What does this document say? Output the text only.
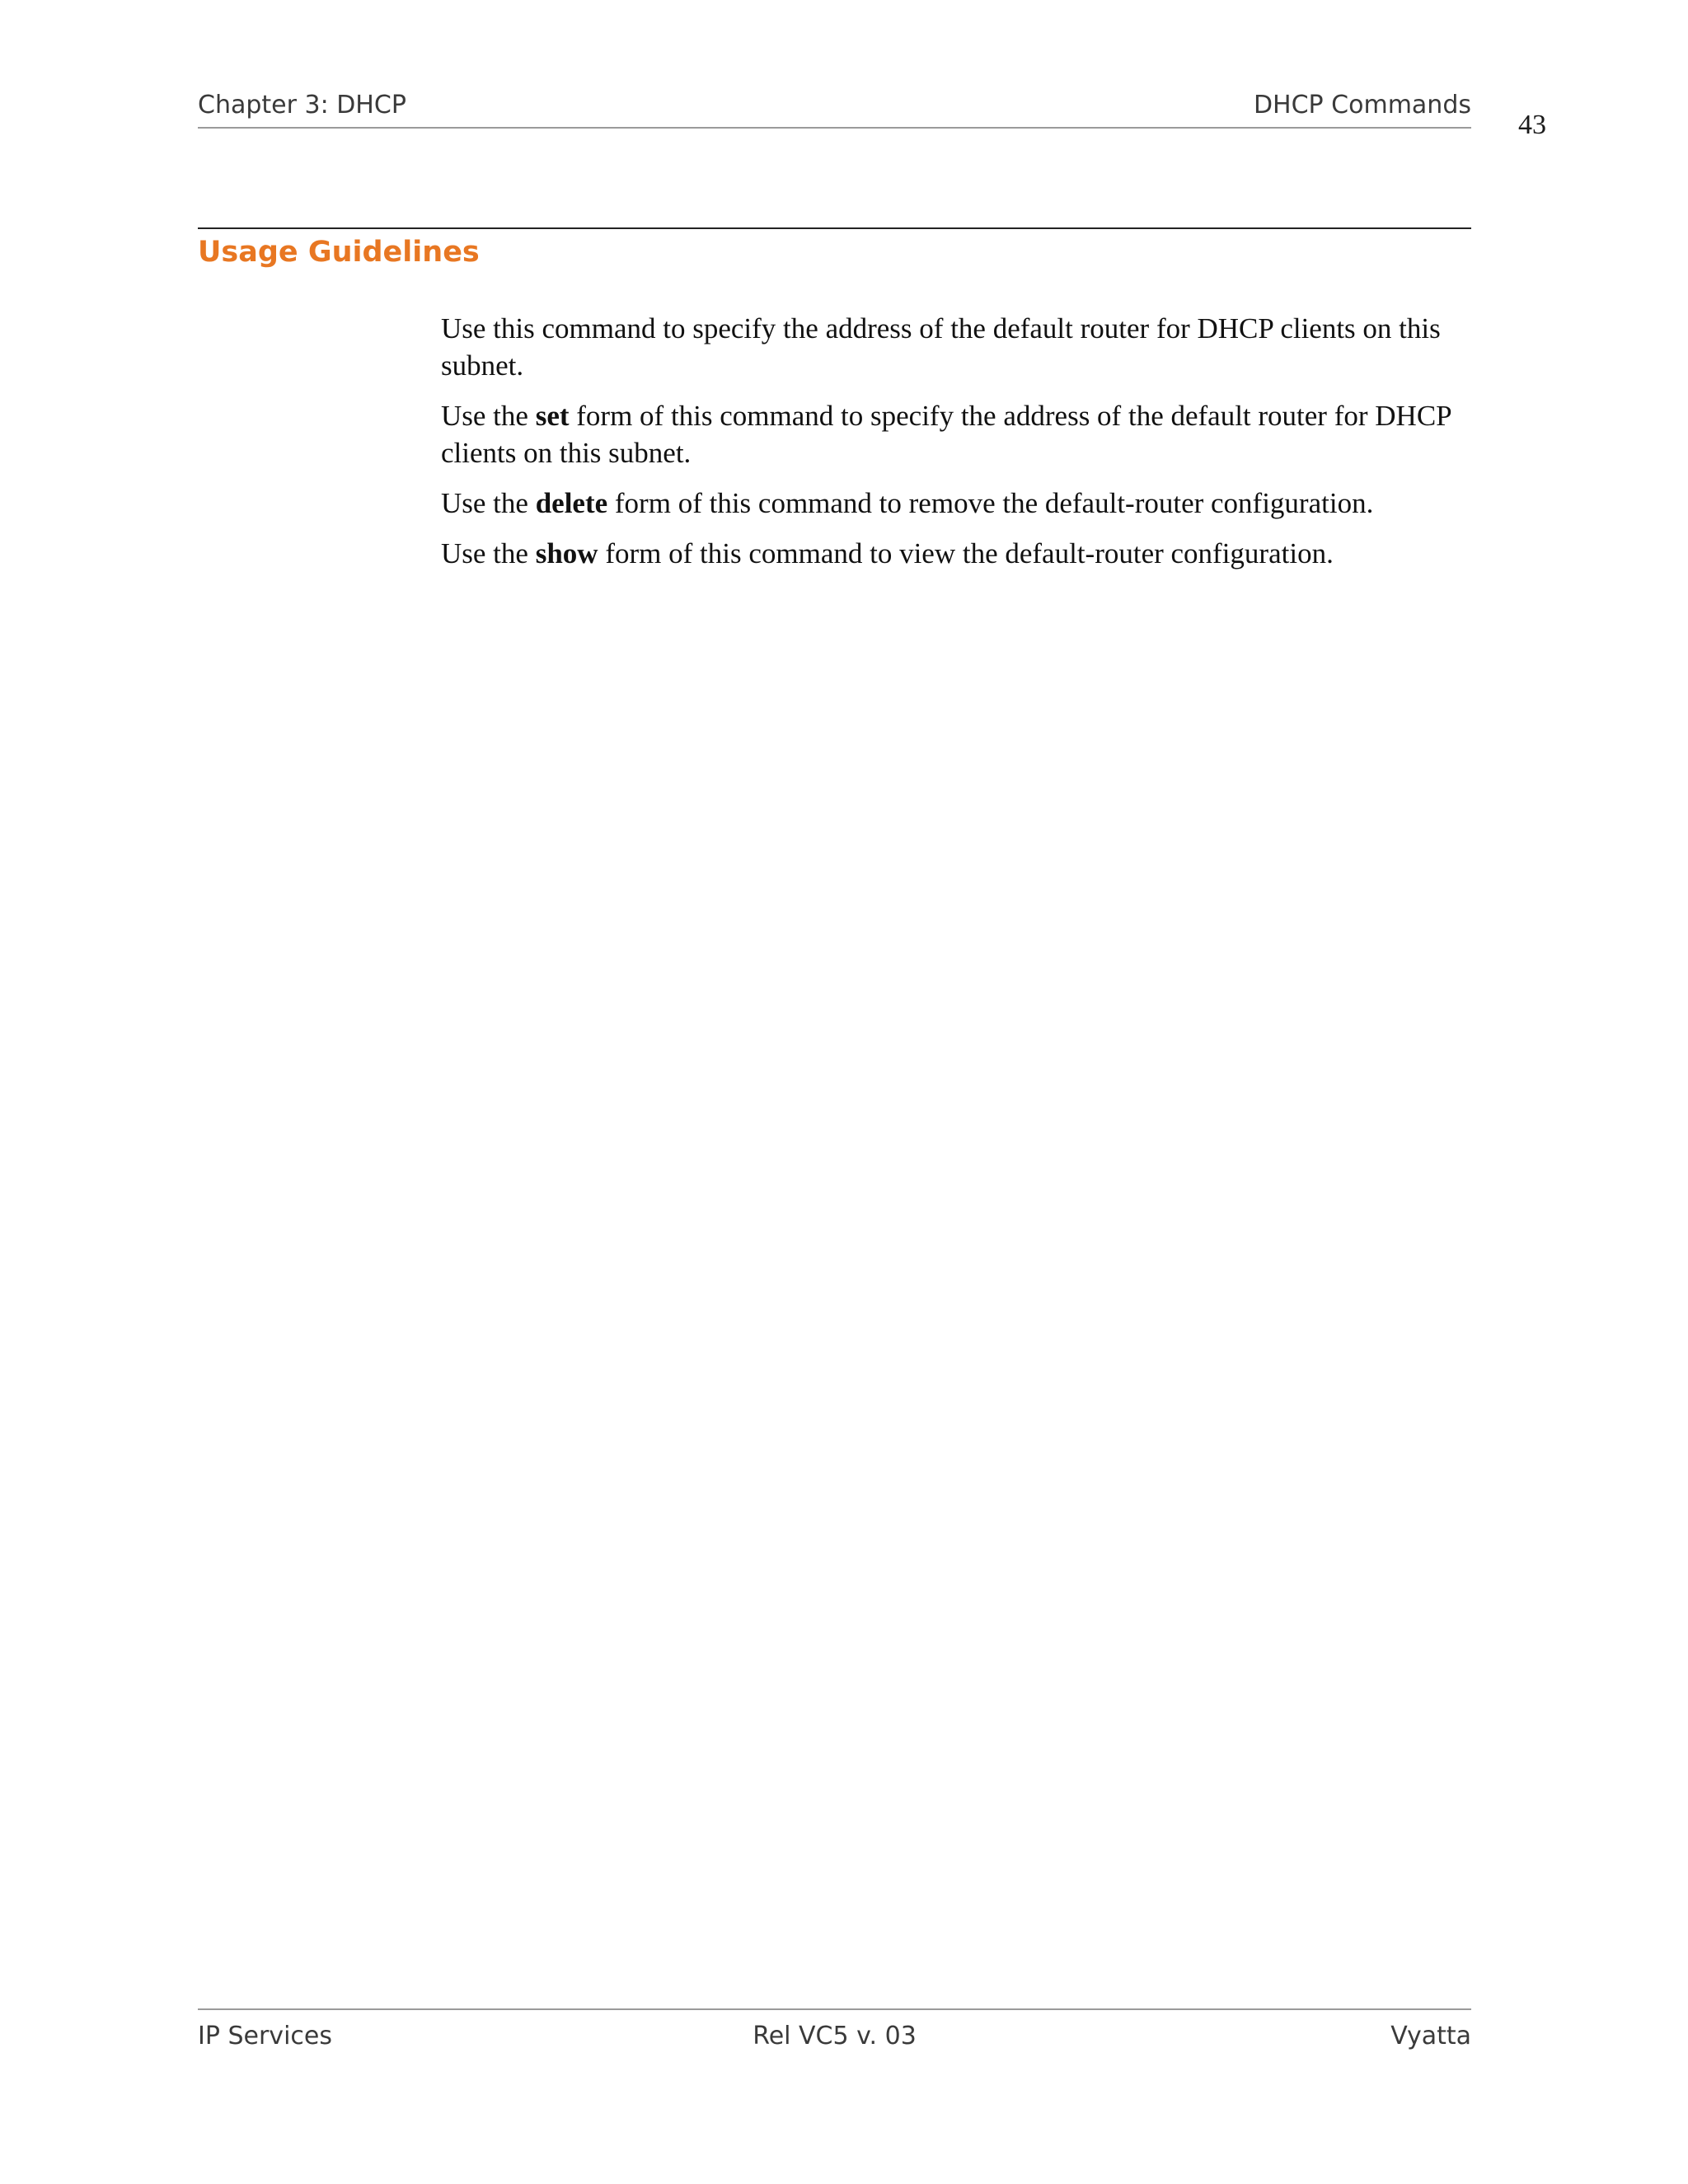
Chapter 3: DHCP	DHCP Commands
43
Usage Guidelines

Use this command to specify the address of the default router for DHCP clients on this subnet.

Use the set form of this command to specify the address of the default router for DHCP clients on this subnet.

Use the delete form of this command to remove the default-router configuration.

Use the show form of this command to view the default-router configuration.

IP Services	Rel VC5 v. 03	Vyatta
